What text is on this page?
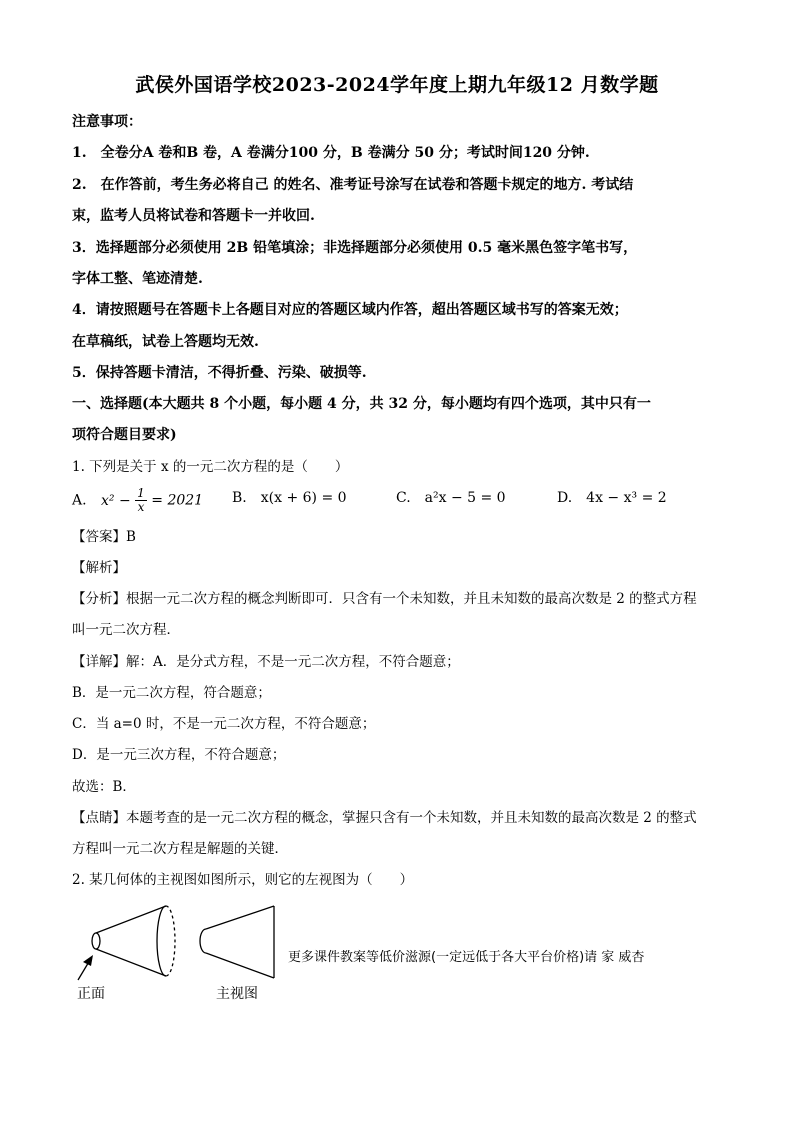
武侯外国语学校2023-2024学年度上期九年级12 月数学题
注意事项：
1.　全卷分A 卷和B 卷，A 卷满分100 分，B 卷满分 50 分；考试时间120 分钟.
2.　在作答前，考生务必将自己 的姓名、准考证号涂写在试卷和答题卡规定的地方. 考试结
束，监考人员将试卷和答题卡一并收回.
3．选择题部分必须使用 2B 铅笔填涂；非选择题部分必须使用 0.5 毫米黑色签字笔书写，
字体工整、笔迹清楚.
4．请按照题号在答题卡上各题目对应的答题区域内作答，超出答题区域书写的答案无效；
在草稿纸，试卷上答题均无效.
5．保持答题卡清洁，不得折叠、污染、破损等.
一、选择题(本大题共 8 个小题，每小题 4 分，共 32 分，每小题均有四个选项，其中只有一
项符合题目要求)
1. 下列是关于 x 的一元二次方程的是（　　）
A. $x^2 - \frac{1}{x} = 2021$ B.　x(x + 6) = 0	C.　a²x − 5 = 0	D.　4x − x³ = 2
【答案】B
【解析】
【分析】根据一元二次方程的概念判断即可．只含有一个未知数，并且未知数的最高次数是 2 的整式方程
叫一元二次方程．
【详解】解：A．是分式方程，不是一元二次方程，不符合题意；
B．是一元二次方程，符合题意；
C．当 a=0 时，不是一元二次方程，不符合题意；
D．是一元三次方程，不符合题意；
故选：B．
【点睛】本题考查的是一元二次方程的概念，掌握只含有一个未知数，并且未知数的最高次数是 2 的整式
方程叫一元二次方程是解题的关键．
2. 某几何体的主视图如图所示，则它的左视图为（　　）
正面	主视图
更多课件教案等低价滋源(一定远低于各大平台价格)请 家 威杏
